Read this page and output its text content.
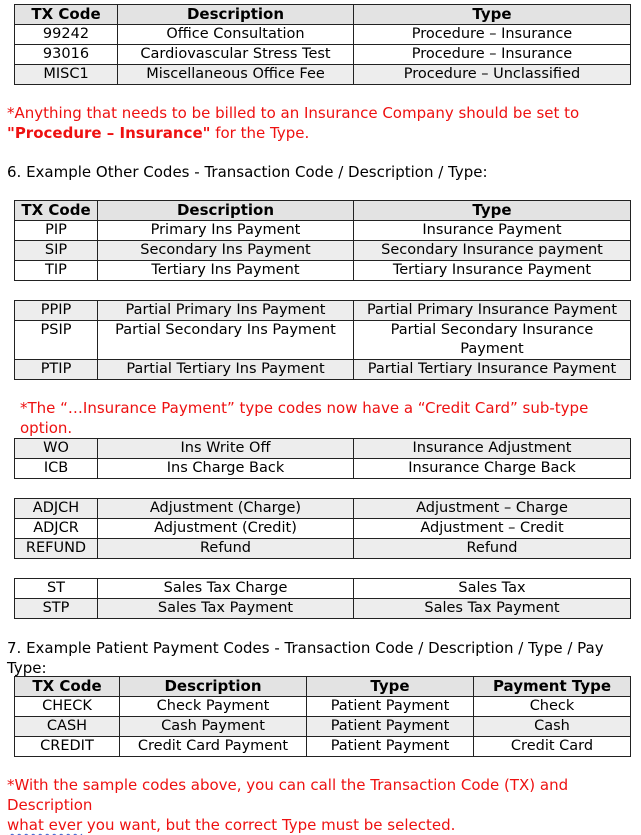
TX Code	Description	Type
99242	Office Consultation	Procedure – Insurance
93016	Cardiovascular Stress Test	Procedure – Insurance
MISC1	Miscellaneous Office Fee	Procedure – Unclassified
*Anything that needs to be billed to an Insurance Company should be set to
"Procedure – Insurance" for the Type.
6. Example Other Codes - Transaction Code / Description / Type:
TX Code	Description	Type
PIP	Primary Ins Payment	Insurance Payment
SIP	Secondary Ins Payment	Secondary Insurance payment
TIP	Tertiary Ins Payment	Tertiary Insurance Payment
PPIP	Partial Primary Ins Payment	Partial Primary Insurance Payment
PSIP	Partial Secondary Ins Payment	Partial Secondary Insurance Payment
PTIP	Partial Tertiary Ins Payment	Partial Tertiary Insurance Payment
*The “…Insurance Payment” type codes now have a “Credit Card” sub-type option.
WO	Ins Write Off	Insurance Adjustment
ICB	Ins Charge Back	Insurance Charge Back
ADJCH	Adjustment (Charge)	Adjustment – Charge
ADJCR	Adjustment (Credit)	Adjustment – Credit
REFUND	Refund	Refund
ST	Sales Tax Charge	Sales Tax
STP	Sales Tax Payment	Sales Tax Payment
7. Example Patient Payment Codes - Transaction Code / Description / Type / Pay Type:
TX Code	Description	Type	Payment Type
CHECK	Check Payment	Patient Payment	Check
CASH	Cash Payment	Patient Payment	Cash
CREDIT	Credit Card Payment	Patient Payment	Credit Card
*With the sample codes above, you can call the Transaction Code (TX) and Description
what ever you want, but the correct Type must be selected.
